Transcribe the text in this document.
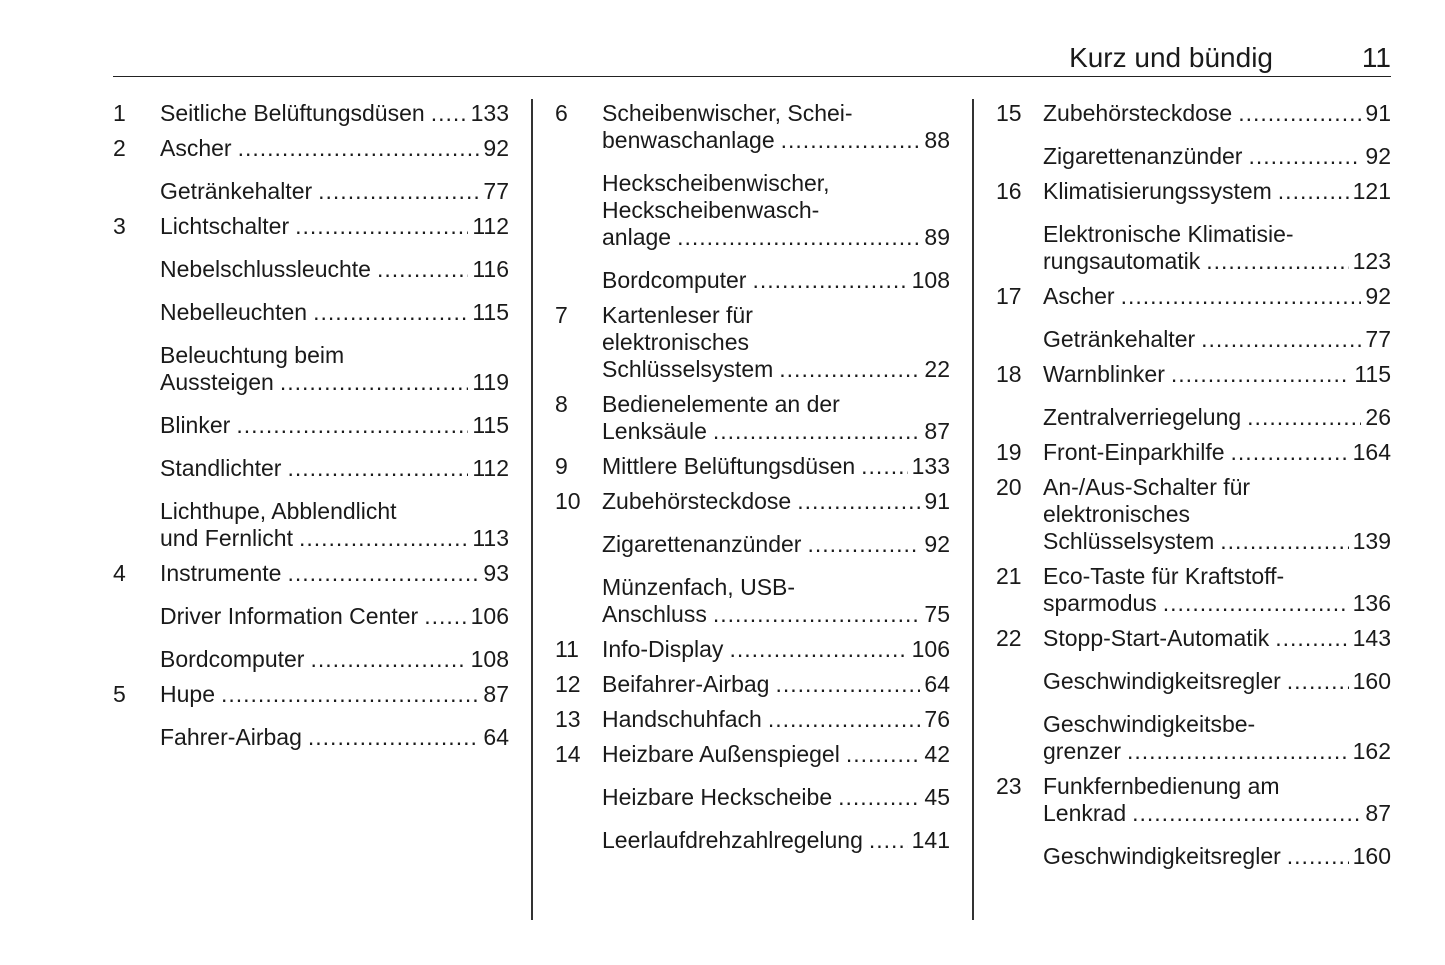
Kurz und bündig	11
1 Seitliche Belüftungsdüsen ..... 133
2 Ascher .....	92
Getränkehalter .....	77
3 Lichtschalter .....	112
Nebelschlussleuchte .....	116
Nebelleuchten .....	115
Beleuchtung beim
Aussteigen .....	119
Blinker .....	115
Standlichter .....	112
Lichthupe, Abblendlicht
und Fernlicht .....	113
4 Instrumente .....	93
Driver Information Center ..... 106
Bordcomputer .....	108
5 Hupe .....	87
Fahrer-Airbag .....	64
6 Scheibenwischer, Schei-
benwaschanlage .....	88
Heckscheibenwischer,
Heckscheibenwasch-
anlage .....	89
Bordcomputer .....	108
7 Kartenleser für
elektronisches
Schlüsselsystem .....	22
8 Bedienelemente an der
Lenksäule .....	87
9 Mittlere Belüftungsdüsen ..... 133
10 Zubehörsteckdose .....	91
Zigarettenanzünder .....	92
Münzenfach, USB-
Anschluss .....	75
11 Info-Display .....	106
12 Beifahrer-Airbag .....	64
13 Handschuhfach .....	76
14 Heizbare Außenspiegel .....	42
Heizbare Heckscheibe .....	45
Leerlaufdrehzahlregelung ..... 141
15 Zubehörsteckdose .....	91
Zigarettenanzünder .....	92
16 Klimatisierungssystem .....	121
Elektronische Klimatisie-
rungsautomatik .....	123
17 Ascher .....	92
Getränkehalter .....	77
18 Warnblinker .....	115
Zentralverriegelung .....	26
19 Front-Einparkhilfe .....	164
20 An-/Aus-Schalter für
elektronisches
Schlüsselsystem .....	139
21 Eco-Taste für Kraftstoff-
sparmodus .....	136
22 Stopp-Start-Automatik .....	143
Geschwindigkeitsregler .....	160
Geschwindigkeitsbe-
grenzer .....	162
23 Funkfernbedienung am
Lenkrad .....	87
Geschwindigkeitsregler .....	160
